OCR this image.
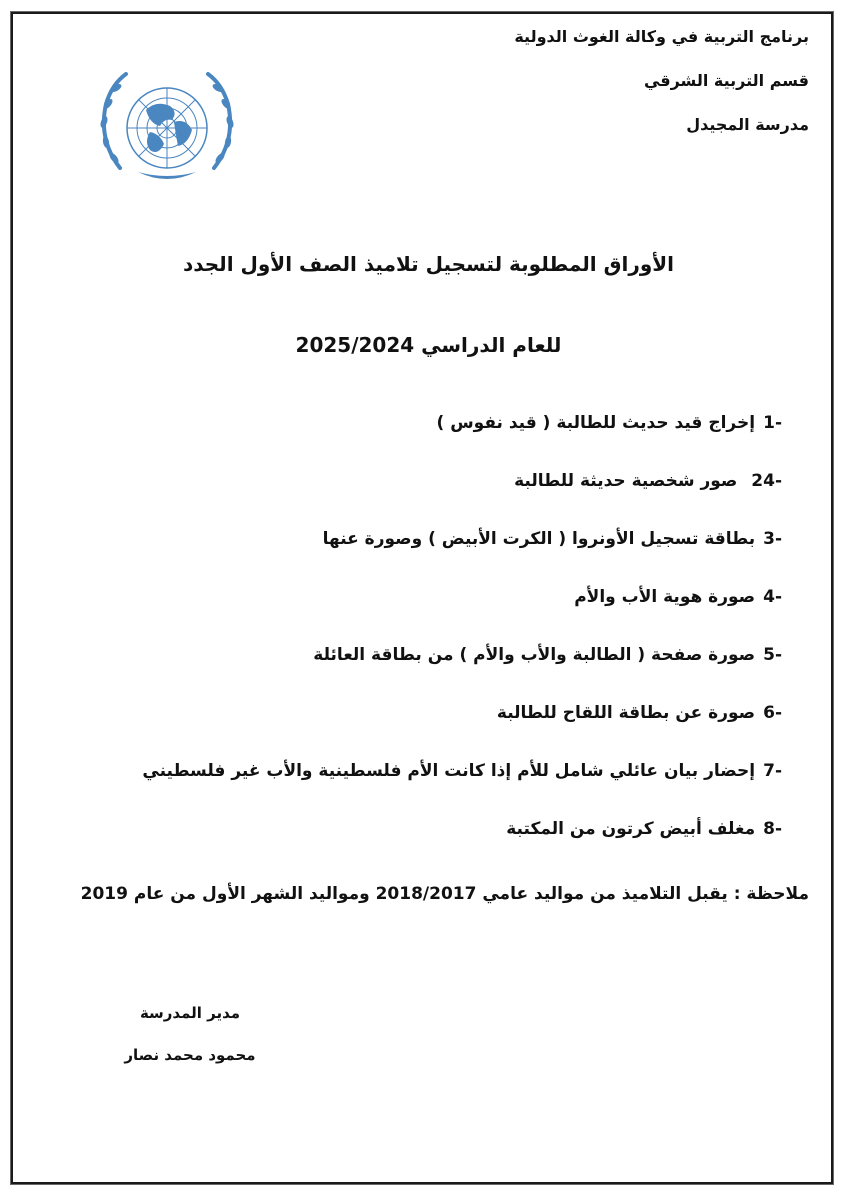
برنامج التربية في وكالة الغوث الدولية
قسم التربية الشرقي
مدرسة المجيدل
الأوراق المطلوبة لتسجيل تلاميذ الصف الأول الجدد
للعام الدراسي 2025/2024
-1إخراج قيد حديث للطالبة ( قيد نفوس )
-24 صور شخصية حديثة للطالبة
-3بطاقة تسجيل الأونروا ( الكرت الأبيض ) وصورة عنها
-4صورة هوية الأب والأم
-5صورة صفحة ( الطالبة والأب والأم ) من بطاقة العائلة
-6صورة عن بطاقة اللقاح للطالبة
-7إحضار بيان عائلي شامل للأم إذا كانت الأم فلسطينية والأب غير فلسطيني
-8مغلف أبيض كرتون من المكتبة
ملاحظة : يقبل التلاميذ من مواليد عامي 2018/2017 ومواليد الشهر الأول من عام 2019
مدير المدرسة
محمود محمد نصار
